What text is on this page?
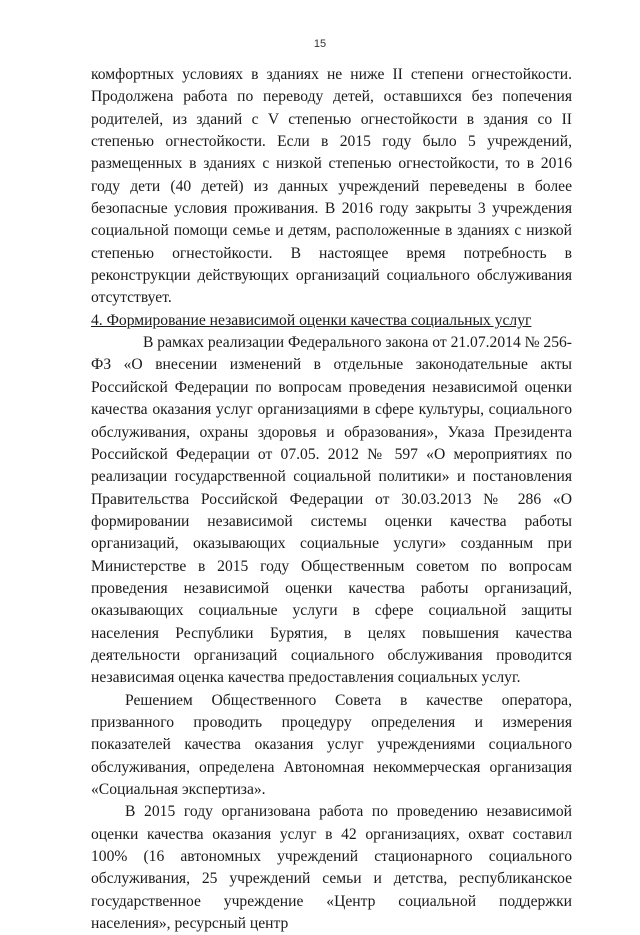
15

комфортных условиях в зданиях не ниже II степени огнестойкости. Продолжена работа по переводу детей, оставшихся без попечения родителей, из зданий с V степенью огнестойкости в здания со II степенью огнестойкости. Если в 2015 году было 5 учреждений, размещенных в зданиях с низкой степенью огнестойкости, то в 2016 году дети (40 детей) из данных учреждений переведены в более безопасные условия проживания. В 2016 году закрыты 3 учреждения социальной помощи семье и детям, расположенные в зданиях с низкой степенью огнестойкости. В настоящее время потребность в реконструкции действующих организаций социального обслуживания отсутствует.

4. Формирование независимой оценки качества социальных услуг

В рамках реализации Федерального закона от 21.07.2014 № 256-ФЗ «О внесении изменений в отдельные законодательные акты Российской Федерации по вопросам проведения независимой оценки качества оказания услуг организациями в сфере культуры, социального обслуживания, охраны здоровья и образования», Указа Президента Российской Федерации от 07.05. 2012 № 597 «О мероприятиях по реализации государственной социальной политики» и постановления Правительства Российской Федерации от 30.03.2013 № 286 «О формировании независимой системы оценки качества работы организаций, оказывающих социальные услуги» созданным при Министерстве в 2015 году Общественным советом по вопросам проведения независимой оценки качества работы организаций, оказывающих социальные услуги в сфере социальной защиты населения Республики Бурятия, в целях повышения качества деятельности организаций социального обслуживания проводится независимая оценка качества предоставления социальных услуг.

Решением Общественного Совета в качестве оператора, призванного проводить процедуру определения и измерения показателей качества оказания услуг учреждениями социального обслуживания, определена Автономная некоммерческая организация «Социальная экспертиза».

В 2015 году организована работа по проведению независимой оценки качества оказания услуг в 42 организациях, охват составил 100% (16 автономных учреждений стационарного социального обслуживания, 25 учреждений семьи и детства, республиканское государственное учреждение «Центр социальной поддержки населения», ресурсный центр
